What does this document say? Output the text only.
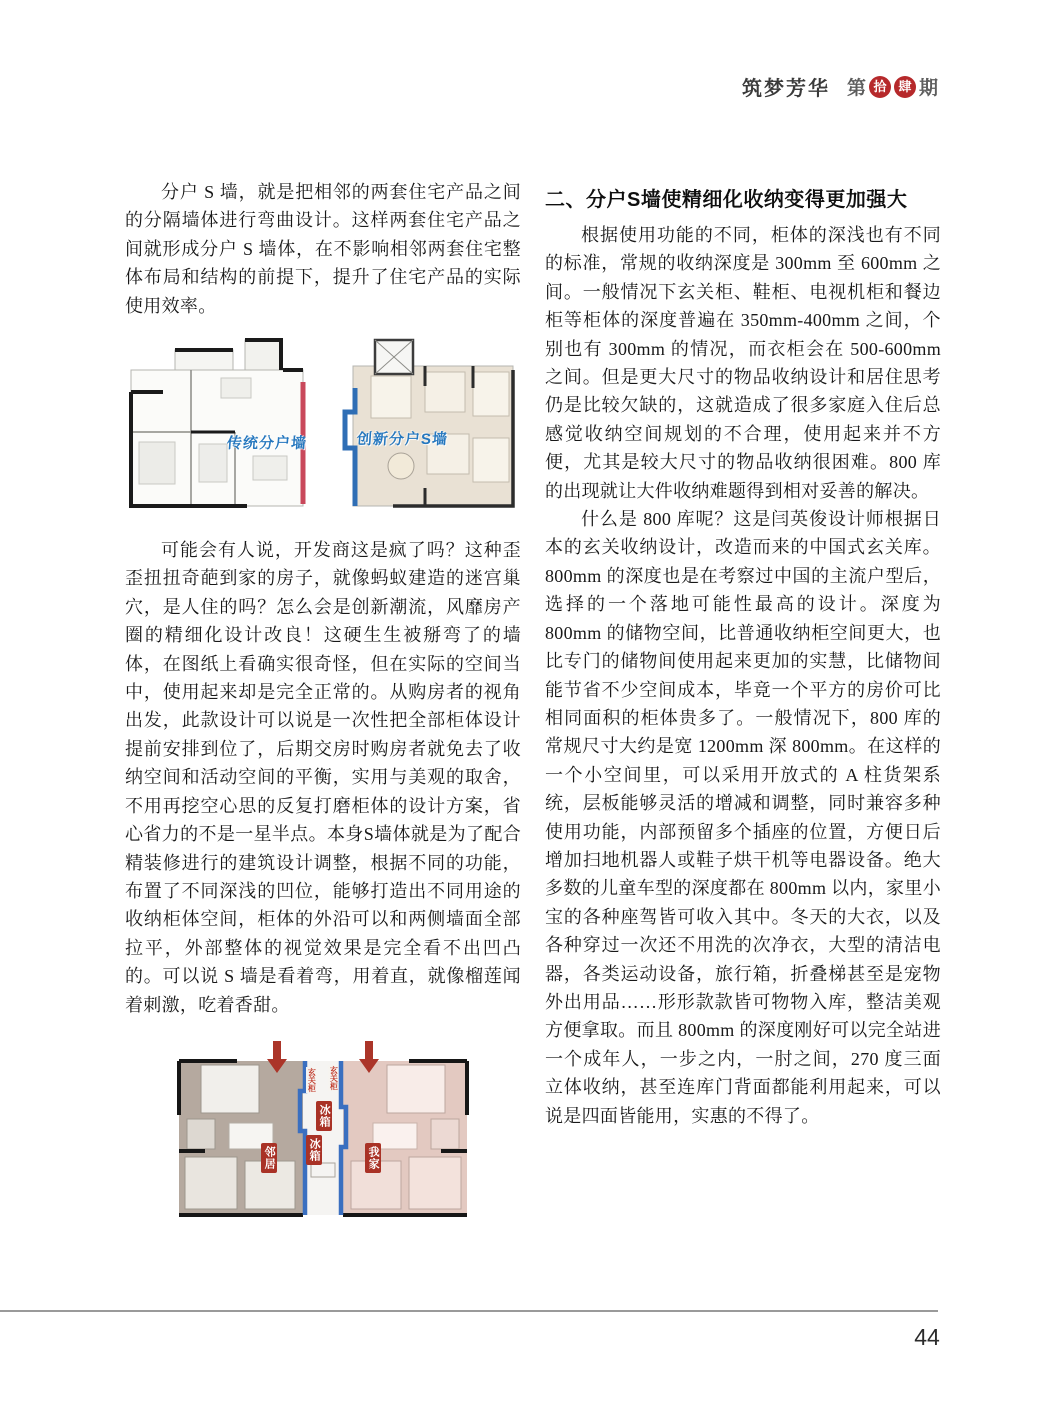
筑梦芳华 第 拾 肆 期

分户 S 墙，就是把相邻的两套住宅产品之间的分隔墙体进行弯曲设计。这样两套住宅产品之间就形成分户 S 墙体，在不影响相邻两套住宅整体布局和结构的前提下，提升了住宅产品的实际使用效率。

传统分户墙	创新分户S墙

可能会有人说，开发商这是疯了吗？这种歪歪扭扭奇葩到家的房子，就像蚂蚁建造的迷宫巢穴，是人住的吗？怎么会是创新潮流，风靡房产圈的精细化设计改良！这硬生生被掰弯了的墙体，在图纸上看确实很奇怪，但在实际的空间当中，使用起来却是完全正常的。从购房者的视角出发，此款设计可以说是一次性把全部柜体设计提前安排到位了，后期交房时购房者就免去了收纳空间和活动空间的平衡，实用与美观的取舍，不用再挖空心思的反复打磨柜体的设计方案，省心省力的不是一星半点。本身S墙体就是为了配合精装修进行的建筑设计调整，根据不同的功能，布置了不同深浅的凹位，能够打造出不同用途的收纳柜体空间，柜体的外沿可以和两侧墙面全部拉平，外部整体的视觉效果是完全看不出凹凸的。可以说 S 墙是看着弯，用着直，就像榴莲闻着刺激，吃着香甜。

玄关柜 玄关柜
冰箱
冰箱
邻居	我家
二、分户S墙使精细化收纳变得更加强大

根据使用功能的不同，柜体的深浅也有不同的标准，常规的收纳深度是 300mm 至 600mm 之间。一般情况下玄关柜、鞋柜、电视机柜和餐边柜等柜体的深度普遍在 350mm-400mm 之间，个别也有 300mm 的情况，而衣柜会在 500-600mm 之间。但是更大尺寸的物品收纳设计和居住思考仍是比较欠缺的，这就造成了很多家庭入住后总感觉收纳空间规划的不合理，使用起来并不方便，尤其是较大尺寸的物品收纳很困难。800 库的出现就让大件收纳难题得到相对妥善的解决。

什么是 800 库呢？这是闫英俊设计师根据日本的玄关收纳设计，改造而来的中国式玄关库。800mm 的深度也是在考察过中国的主流户型后，选择的一个落地可能性最高的设计。深度为 800mm 的储物空间，比普通收纳柜空间更大，也比专门的储物间使用起来更加的实慧，比储物间能节省不少空间成本，毕竟一个平方的房价可比相同面积的柜体贵多了。一般情况下，800 库的常规尺寸大约是宽 1200mm 深 800mm。在这样的一个小空间里，可以采用开放式的 A 柱货架系统，层板能够灵活的增减和调整，同时兼容多种使用功能，内部预留多个插座的位置，方便日后增加扫地机器人或鞋子烘干机等电器设备。绝大多数的儿童车型的深度都在 800mm 以内，家里小宝的各种座驾皆可收入其中。冬天的大衣，以及各种穿过一次还不用洗的次净衣，大型的清洁电器，各类运动设备，旅行箱，折叠梯甚至是宠物外出用品……形形款款皆可物物入库，整洁美观方便拿取。而且 800mm 的深度刚好可以完全站进一个成年人，一步之内，一肘之间，270 度三面立体收纳，甚至连库门背面都能利用起来，可以说是四面皆能用，实惠的不得了。

44
